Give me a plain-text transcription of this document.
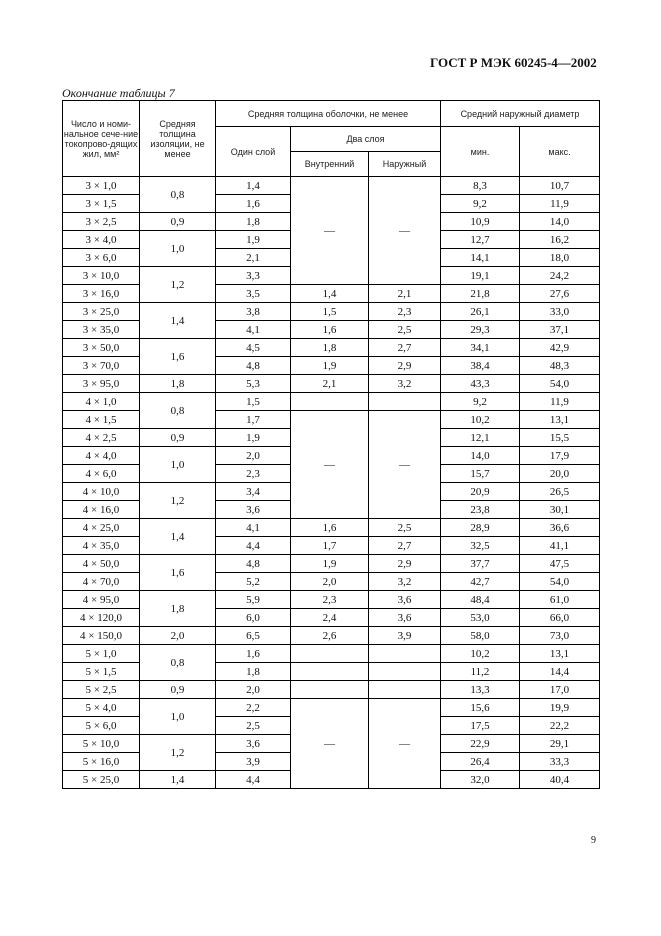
ГОСТ Р МЭК 60245-4—2002
Окончание таблицы 7
Число и номи-нальное сече-ние токопрово-дящих жил, мм²	Средняя толщина изоляции, не менее	Средняя толщина оболочки, не менее			Средний наружный диаметр	
		Один слой	Два слоя		мин.	макс.
			Внутренний	Наружный		
3 × 1,0	0,8	1,4	—	—	8,3	10,7
3 × 1,5		1,6			9,2	11,9
3 × 2,5	0,9	1,8			10,9	14,0
3 × 4,0	1,0	1,9			12,7	16,2
3 × 6,0		2,1			14,1	18,0
3 × 10,0	1,2	3,3			19,1	24,2
3 × 16,0		3,5	1,4	2,1	21,8	27,6
3 × 25,0	1,4	3,8	1,5	2,3	26,1	33,0
3 × 35,0		4,1	1,6	2,5	29,3	37,1
3 × 50,0	1,6	4,5	1,8	2,7	34,1	42,9
3 × 70,0		4,8	1,9	2,9	38,4	48,3
3 × 95,0	1,8	5,3	2,1	3,2	43,3	54,0
4 × 1,0	0,8	1,5			9,2	11,9
4 × 1,5		1,7	—	—	10,2	13,1
4 × 2,5	0,9	1,9			12,1	15,5
4 × 4,0	1,0	2,0			14,0	17,9
4 × 6,0		2,3			15,7	20,0
4 × 10,0	1,2	3,4			20,9	26,5
4 × 16,0		3,6			23,8	30,1
4 × 25,0	1,4	4,1	1,6	2,5	28,9	36,6
4 × 35,0		4,4	1,7	2,7	32,5	41,1
4 × 50,0	1,6	4,8	1,9	2,9	37,7	47,5
4 × 70,0		5,2	2,0	3,2	42,7	54,0
4 × 95,0	1,8	5,9	2,3	3,6	48,4	61,0
4 × 120,0		6,0	2,4	3,6	53,0	66,0
4 × 150,0	2,0	6,5	2,6	3,9	58,0	73,0
5 × 1,0	0,8	1,6			10,2	13,1
5 × 1,5		1,8			11,2	14,4
5 × 2,5	0,9	2,0			13,3	17,0
5 × 4,0	1,0	2,2	—	—	15,6	19,9
5 × 6,0		2,5			17,5	22,2
5 × 10,0	1,2	3,6			22,9	29,1
5 × 16,0		3,9			26,4	33,3
5 × 25,0	1,4	4,4			32,0	40,4
9
